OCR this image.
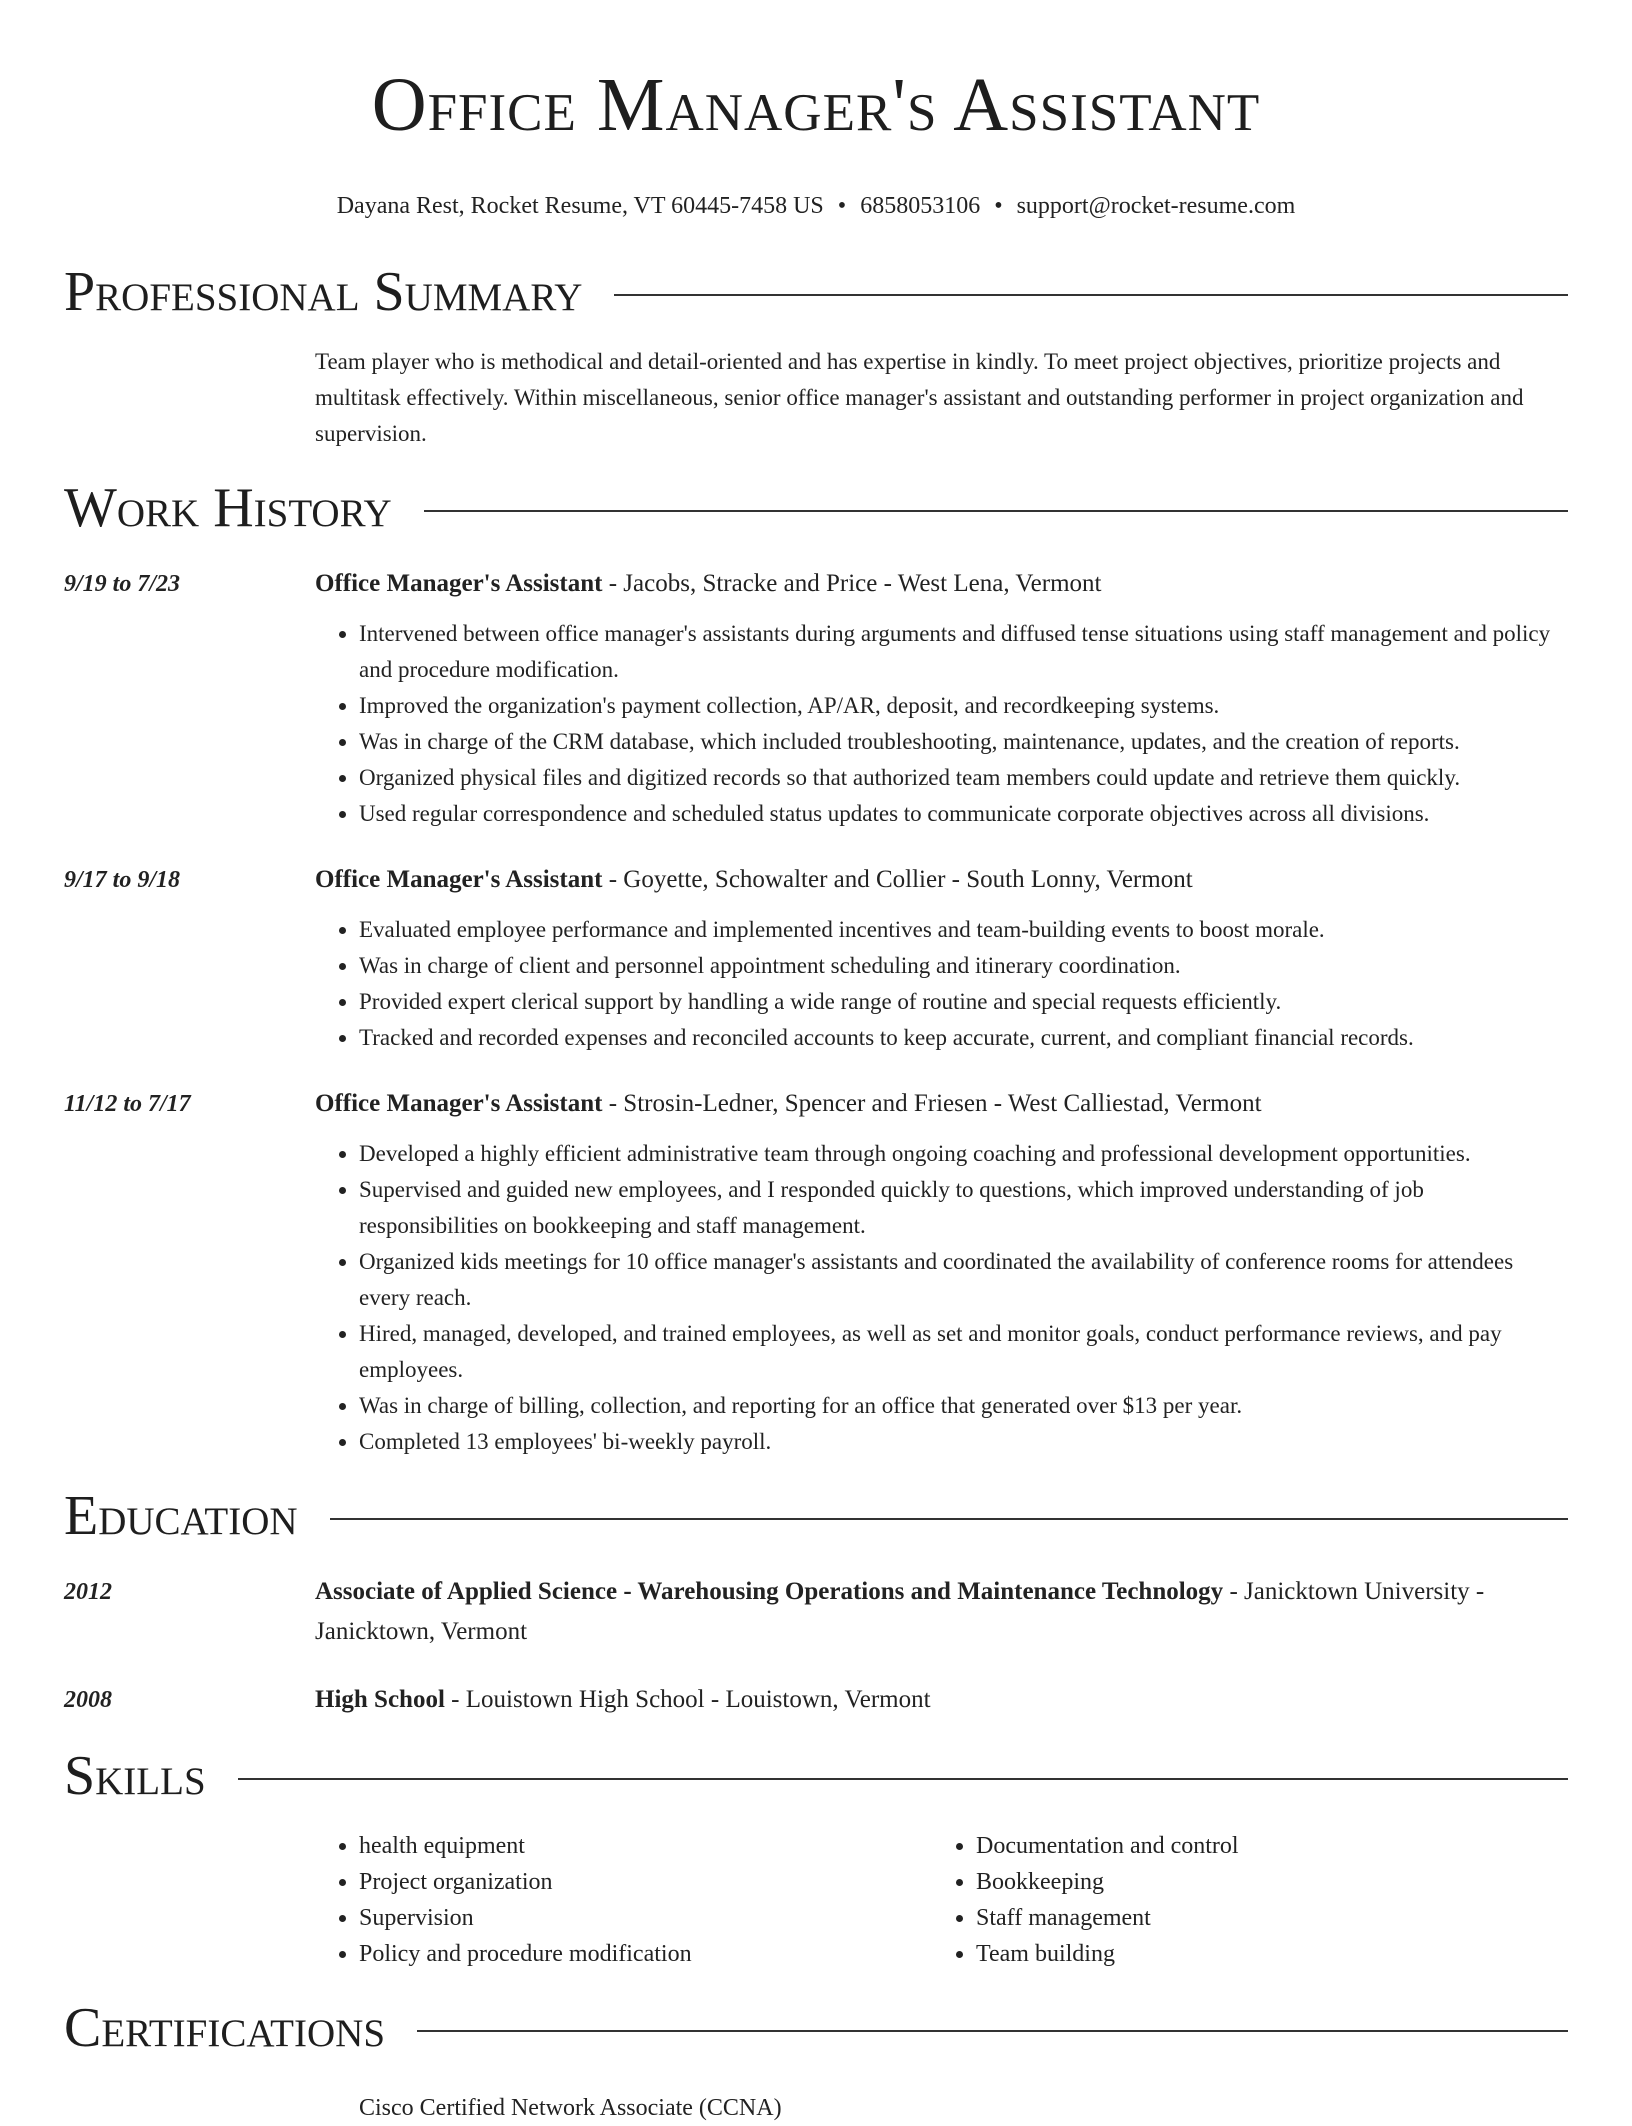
Office Manager's Assistant
Dayana Rest, Rocket Resume, VT 60445-7458 US • 6858053106 • support@rocket-resume.com
Professional Summary
Team player who is methodical and detail-oriented and has expertise in kindly. To meet project objectives, prioritize projects and multitask effectively. Within miscellaneous, senior office manager's assistant and outstanding performer in project organization and supervision.
Work History
9/19 to 7/23	Office Manager's Assistant - Jacobs, Stracke and Price - West Lena, Vermont
• Intervened between office manager's assistants during arguments and diffused tense situations using staff management and policy and procedure modification.
• Improved the organization's payment collection, AP/AR, deposit, and recordkeeping systems.
• Was in charge of the CRM database, which included troubleshooting, maintenance, updates, and the creation of reports.
• Organized physical files and digitized records so that authorized team members could update and retrieve them quickly.
• Used regular correspondence and scheduled status updates to communicate corporate objectives across all divisions.
9/17 to 9/18	Office Manager's Assistant - Goyette, Schowalter and Collier - South Lonny, Vermont
• Evaluated employee performance and implemented incentives and team-building events to boost morale.
• Was in charge of client and personnel appointment scheduling and itinerary coordination.
• Provided expert clerical support by handling a wide range of routine and special requests efficiently.
• Tracked and recorded expenses and reconciled accounts to keep accurate, current, and compliant financial records.
11/12 to 7/17	Office Manager's Assistant - Strosin-Ledner, Spencer and Friesen - West Calliestad, Vermont
• Developed a highly efficient administrative team through ongoing coaching and professional development opportunities.
• Supervised and guided new employees, and I responded quickly to questions, which improved understanding of job responsibilities on bookkeeping and staff management.
• Organized kids meetings for 10 office manager's assistants and coordinated the availability of conference rooms for attendees every reach.
• Hired, managed, developed, and trained employees, as well as set and monitor goals, conduct performance reviews, and pay employees.
• Was in charge of billing, collection, and reporting for an office that generated over $13 per year.
• Completed 13 employees' bi-weekly payroll.
Education
2012	Associate of Applied Science - Warehousing Operations and Maintenance Technology - Janicktown University - Janicktown, Vermont
2008	High School - Louistown High School - Louistown, Vermont
Skills
• health equipment
• Project organization
• Supervision
• Policy and procedure modification
• Documentation and control
• Bookkeeping
• Staff management
• Team building
Certifications
Cisco Certified Network Associate (CCNA)
